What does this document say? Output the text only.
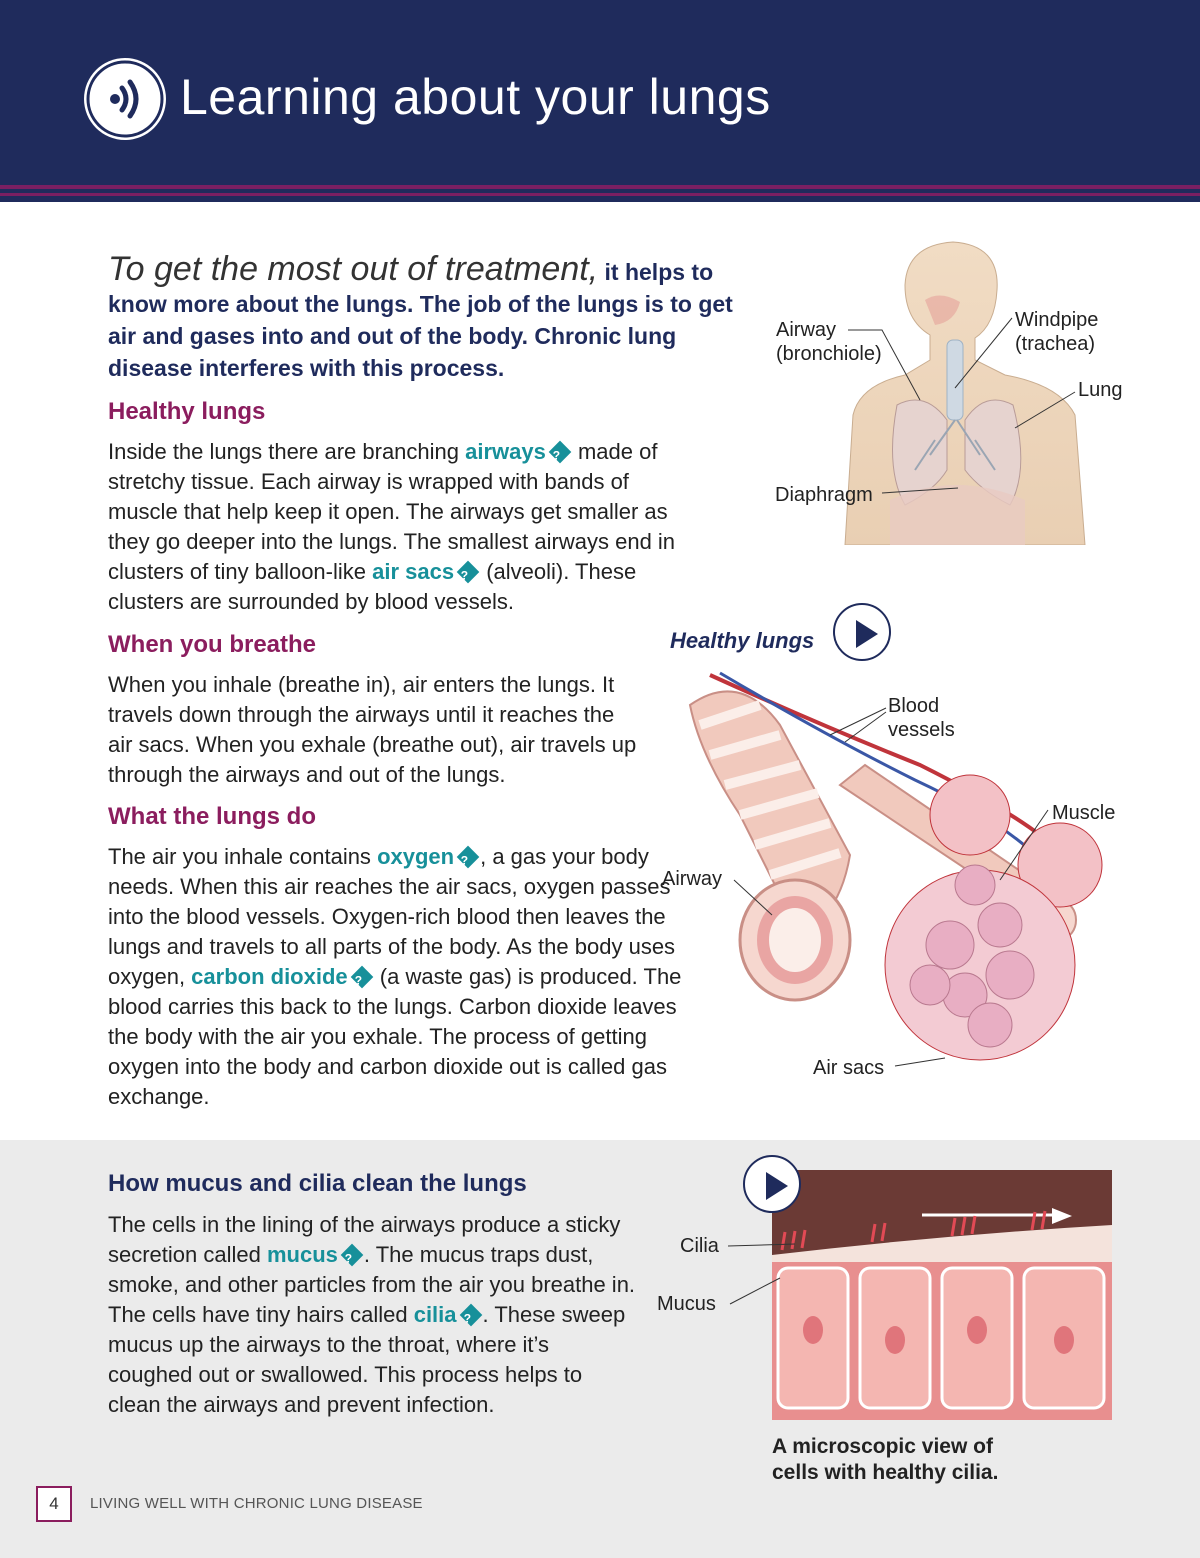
Learning about your lungs
To get the most out of treatment, it helps to know more about the lungs. The job of the lungs is to get air and gases into and out of the body. Chronic lung disease interferes with this process.
Healthy lungs
Inside the lungs there are branching airways ? made of stretchy tissue. Each airway is wrapped with bands of muscle that help keep it open. The airways get smaller as they go deeper into the lungs. The smallest airways end in clusters of tiny balloon-like air sacs ? (alveoli). These clusters are surrounded by blood vessels.
When you breathe
When you inhale (breathe in), air enters the lungs. It travels down through the airways until it reaches the air sacs. When you exhale (breathe out), air travels up through the airways and out of the lungs.
What the lungs do
The air you inhale contains oxygen ? , a gas your body needs. When this air reaches the air sacs, oxygen passes into the blood vessels. Oxygen-rich blood then leaves the lungs and travels to all parts of the body. As the body uses oxygen, carbon dioxide ? (a waste gas) is produced. The blood carries this back to the lungs. Carbon dioxide leaves the body with the air you exhale. The process of getting oxygen into the body and carbon dioxide out is called gas exchange.
Airway
(bronchiole)
Windpipe
(trachea)
Lung
Diaphragm
Healthy lungs
Blood
vessels
Muscle
Airway
Air sacs
How mucus and cilia clean the lungs
The cells in the lining of the airways produce a sticky secretion called mucus ? . The mucus traps dust, smoke, and other particles from the air you breathe in. The cells have tiny hairs called cilia ? . These sweep mucus up the airways to the throat, where it’s coughed out or swallowed. This process helps to clean the airways and prevent infection.
Cilia
Mucus
A microscopic view of cells with healthy cilia.
4	LIVING WELL WITH CHRONIC LUNG DISEASE
